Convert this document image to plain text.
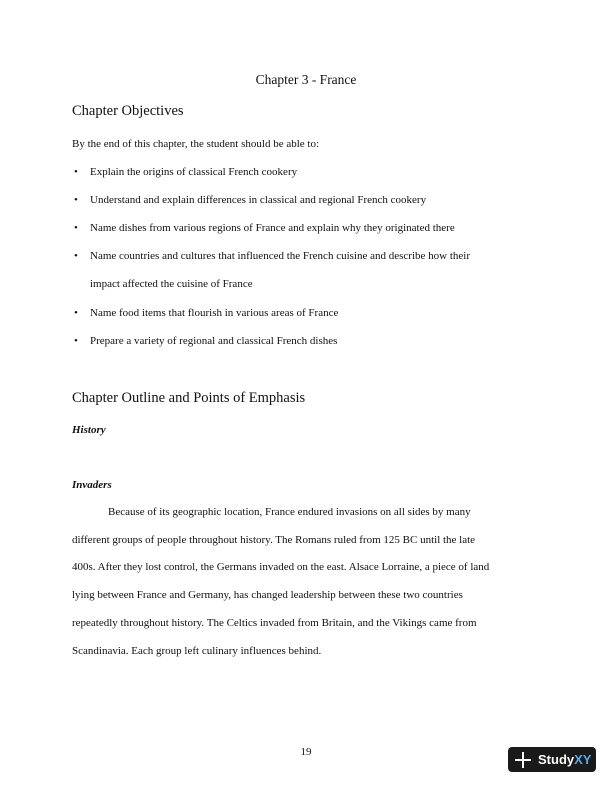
Chapter 3 - France
Chapter Objectives
By the end of this chapter, the student should be able to:
• Explain the origins of classical French cookery
• Understand and explain differences in classical and regional French cookery
• Name dishes from various regions of France and explain why they originated there
• Name countries and cultures that influenced the French cuisine and describe how their
impact affected the cuisine of France
• Name food items that flourish in various areas of France
• Prepare a variety of regional and classical French dishes
Chapter Outline and Points of Emphasis
History
Invaders
Because of its geographic location, France endured invasions on all sides by many
different groups of people throughout history. The Romans ruled from 125 BC until the late
400s. After they lost control, the Germans invaded on the east. Alsace Lorraine, a piece of land
lying between France and Germany, has changed leadership between these two countries
repeatedly throughout history. The Celtics invaded from Britain, and the Vikings came from
Scandinavia. Each group left culinary influences behind.
19	StudyXY
